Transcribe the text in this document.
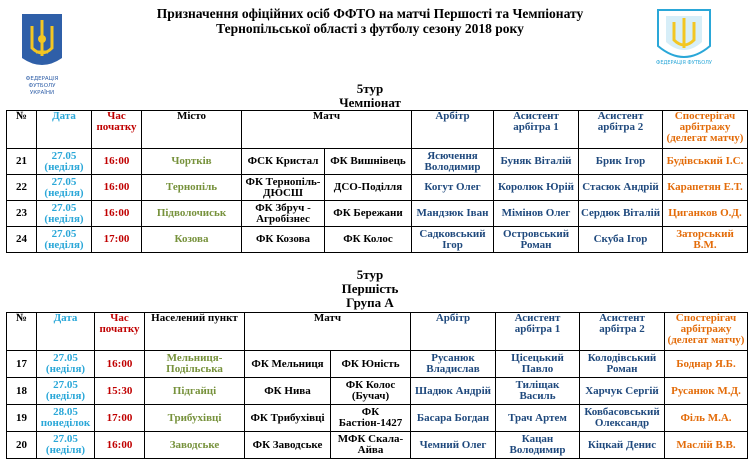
ФЕДЕРАЦІЯ
ФУТБОЛУ
УКРАЇНИ
Призначення офіційних осіб ФФТО на матчі Першості та Чемпіонату
Тернопільської області з футболу сезону 2018 року
ФЕДЕРАЦІЯ ФУТБОЛУ
5тур
Чемпіонат
№	Дата	Час початку	Місто	Матч		Арбітр	Асистент арбітра 1	Асистент арбітра 2	Спостерігач арбітражу (делегат матчу)
21	27.05 (неділя)	16:00	Чортків	ФСК Кристал	ФК Вишнівець	Ясючення Володимир	Буняк Віталій	Брик Ігор	Будівський І.С.
22	27.05 (неділя)	16:00	Тернопіль	ФК Тернопіль-ДЮСШ	ДСО-Поділля	Когут Олег	Королюк Юрій	Стасюк Андрій	Карапетян Е.Т.
23	27.05 (неділя)	16:00	Підволочиськ	ФК Збруч - Агробізнес	ФК Бережани	Мандзюк Іван	Мімінов Олег	Сердюк Віталій	Циганков О.Д.
24	27.05 (неділя)	17:00	Козова	ФК Козова	ФК Колос	Садковський Ігор	Островський Роман	Скуба Ігор	Заторський В.М.
5тур
Першість
Група А
№	Дата	Час початку	Населений пункт	Матч		Арбітр	Асистент арбітра 1	Асистент арбітра 2	Спостерігач арбітражу (делегат матчу)
17	27.05 (неділя)	16:00	Мельниця-Подільська	ФК Мельниця	ФК Юність	Русанюк Владислав	Цісецький Павло	Колодівський Роман	Боднар Я.Б.
18	27.05 (неділя)	15:30	Підгайці	ФК Нива	ФК Колос (Бучач)	Шадюк Андрій	Тиліщак Василь	Харчук Сергій	Русанюк М.Д.
19	28.05 понеділок	17:00	Трибухівці	ФК Трибухівці	ФК Бастіон-1427	Басара Богдан	Трач Артем	Ковбасовський Олександр	Філь М.А.
20	27.05 (неділя)	16:00	Заводське	ФК Заводське	МФК Скала-Айва	Чемний Олег	Кацан Володимир	Кіцкай Денис	Маслій В.В.
